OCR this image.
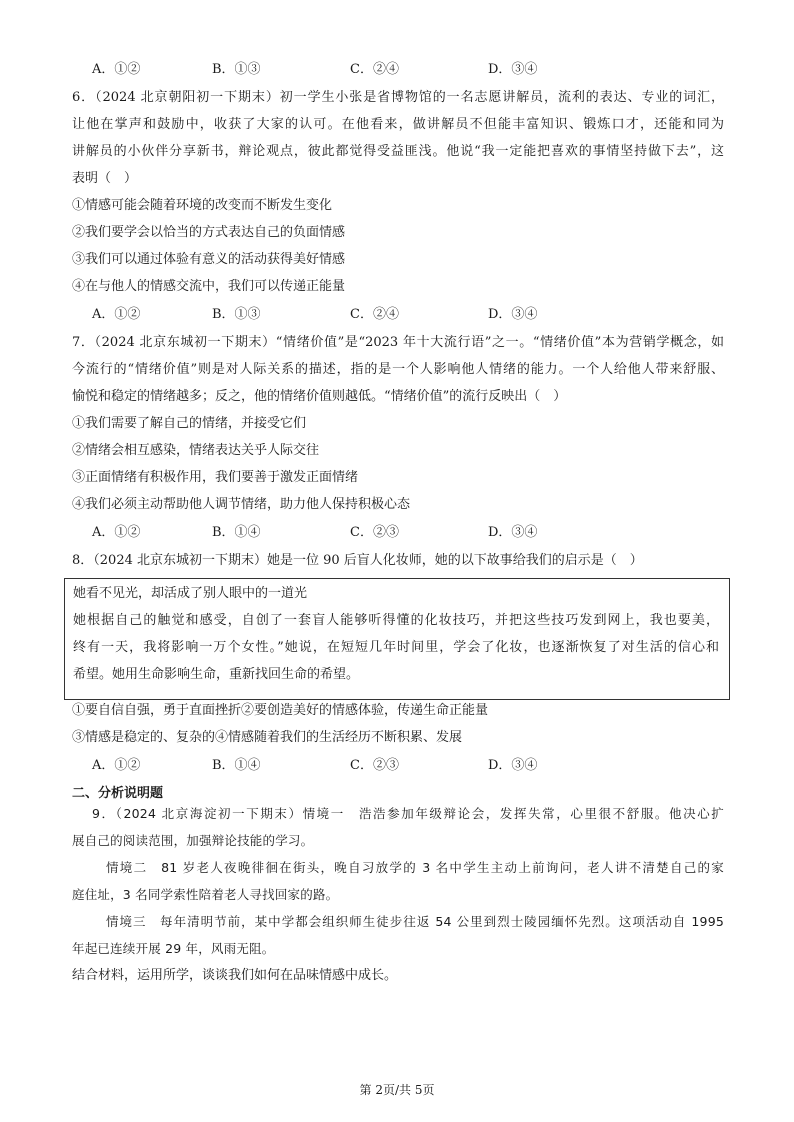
A．①②	B．①③	C．②④	D．③④
6．（2024 北京朝阳初一下期末）初一学生小张是省博物馆的一名志愿讲解员，流利的表达、专业的词汇，
让他在掌声和鼓励中，收获了大家的认可。在他看来，做讲解员不但能丰富知识、锻炼口才，还能和同为
讲解员的小伙伴分享新书，辩论观点，彼此都觉得受益匪浅。他说“我一定能把喜欢的事情坚持做下去”，这
表明（　）
①情感可能会随着环境的改变而不断发生变化
②我们要学会以恰当的方式表达自己的负面情感
③我们可以通过体验有意义的活动获得美好情感
④在与他人的情感交流中，我们可以传递正能量
A．①②	B．①③	C．②④	D．③④
7．（2024 北京东城初一下期末）“情绪价值”是“2023 年十大流行语”之一。“情绪价值”本为营销学概念，如
今流行的“情绪价值”则是对人际关系的描述，指的是一个人影响他人情绪的能力。一个人给他人带来舒服、
愉悦和稳定的情绪越多；反之，他的情绪价值则越低。“情绪价值”的流行反映出（　）
①我们需要了解自己的情绪，并接受它们
②情绪会相互感染，情绪表达关乎人际交往
③正面情绪有积极作用，我们要善于激发正面情绪
④我们必须主动帮助他人调节情绪，助力他人保持积极心态
A．①②	B．①④	C．②③	D．③④
8．（2024 北京东城初一下期末）她是一位 90 后盲人化妆师，她的以下故事给我们的启示是（　）
她看不见光，却活成了别人眼中的一道光
她根据自己的触觉和感受，自创了一套盲人能够听得懂的化妆技巧，并把这些技巧发到网上，我也要美，
终有一天，我将影响一万个女性。”她说，在短短几年时间里，学会了化妆，也逐渐恢复了对生活的信心和
希望。她用生命影响生命，重新找回生命的希望。
①要自信自强，勇于直面挫折②要创造美好的情感体验，传递生命正能量
③情感是稳定的、复杂的④情感随着我们的生活经历不断积累、发展
A．①②	B．①④	C．②③	D．③④
二、分析说明题
9．（2024 北京海淀初一下期末）情境一　浩浩参加年级辩论会，发挥失常，心里很不舒服。他决心扩
展自己的阅读范围，加强辩论技能的学习。
情境二　81 岁老人夜晚徘徊在街头，晚自习放学的 3 名中学生主动上前询问，老人讲不清楚自己的家
庭住址，3 名同学索性陪着老人寻找回家的路。
情境三　每年清明节前，某中学都会组织师生徒步往返 54 公里到烈士陵园缅怀先烈。这项活动自 1995
年起已连续开展 29 年，风雨无阻。
结合材料，运用所学，谈谈我们如何在品味情感中成长。
第 2页/共 5页
